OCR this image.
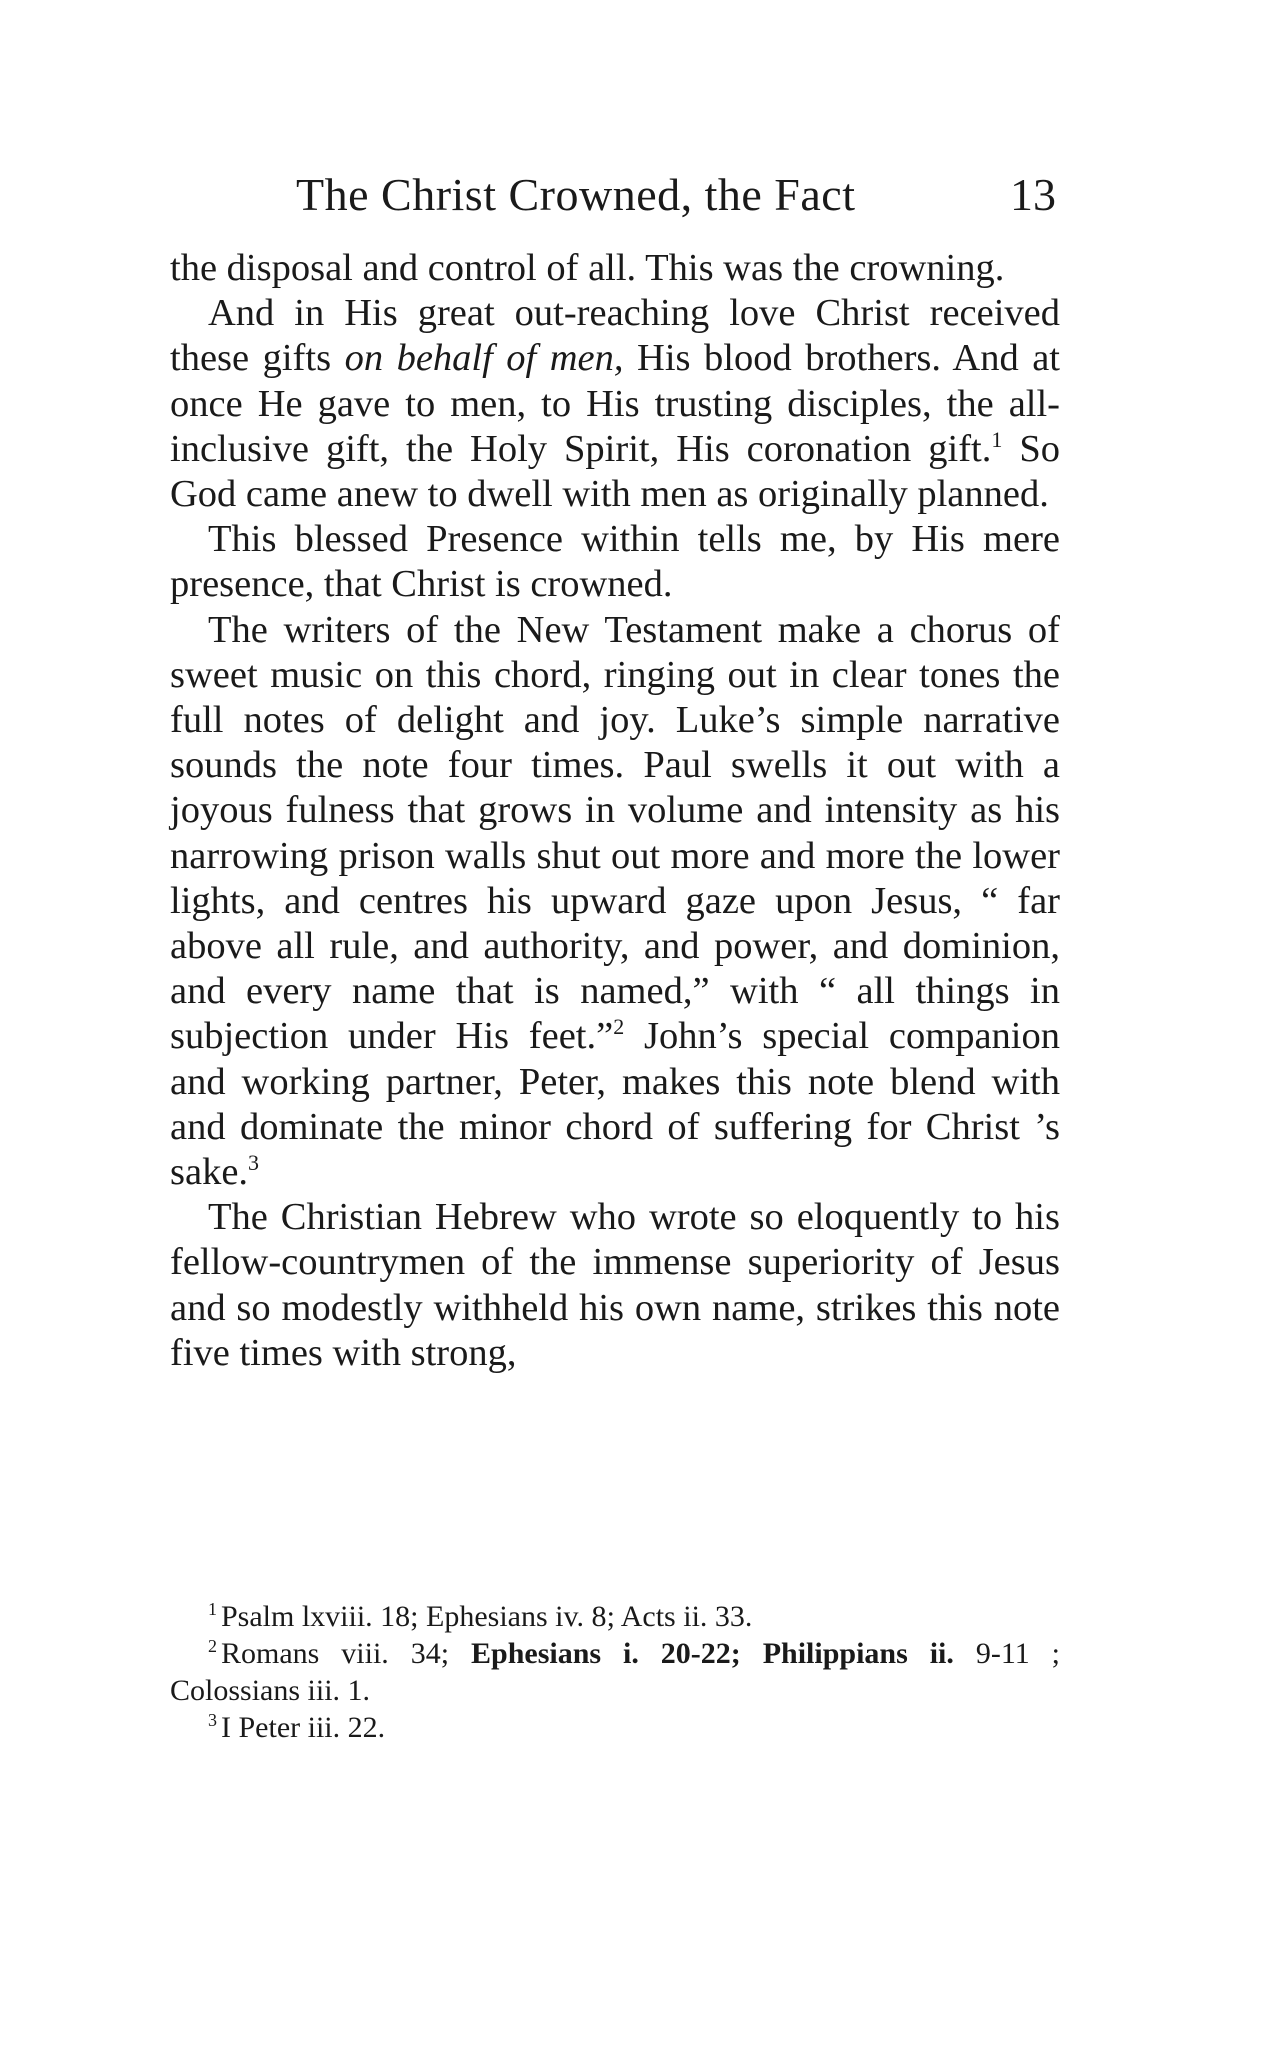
The Christ Crowned, the Fact	13

the disposal and control of all. This was the crowning.

And in His great out-reaching love Christ received these gifts on behalf of men, His blood brothers. And at once He gave to men, to His trusting disciples, the all-inclusive gift, the Holy Spirit, His coronation gift.$^1$ So God came anew to dwell with men as originally planned.

This blessed Presence within tells me, by His mere presence, that Christ is crowned.

The writers of the New Testament make a chorus of sweet music on this chord, ringing out in clear tones the full notes of delight and joy. Luke’s simple narrative sounds the note four times. Paul swells it out with a joyous fulness that grows in volume and intensity as his narrowing prison walls shut out more and more the lower lights, and centres his upward gaze upon Jesus, “ far above all rule, and authority, and power, and dominion, and every name that is named,” with “ all things in subjection under His feet.”$^2$ John’s special companion and working partner, Peter, makes this note blend with and dominate the minor chord of suffering for Christ ’s sake.$^3$

The Christian Hebrew who wrote so eloquently to his fellow-countrymen of the immense superiority of Jesus and so modestly withheld his own name, strikes this note five times with strong,

$^1$ Psalm lxviii. 18; Ephesians iv. 8; Acts ii. 33.

$^2$ Romans viii. 34; Ephesians i. 20-22; Philippians ii. 9-11 ; Colossians iii. 1.

$^3$ I Peter iii. 22.
